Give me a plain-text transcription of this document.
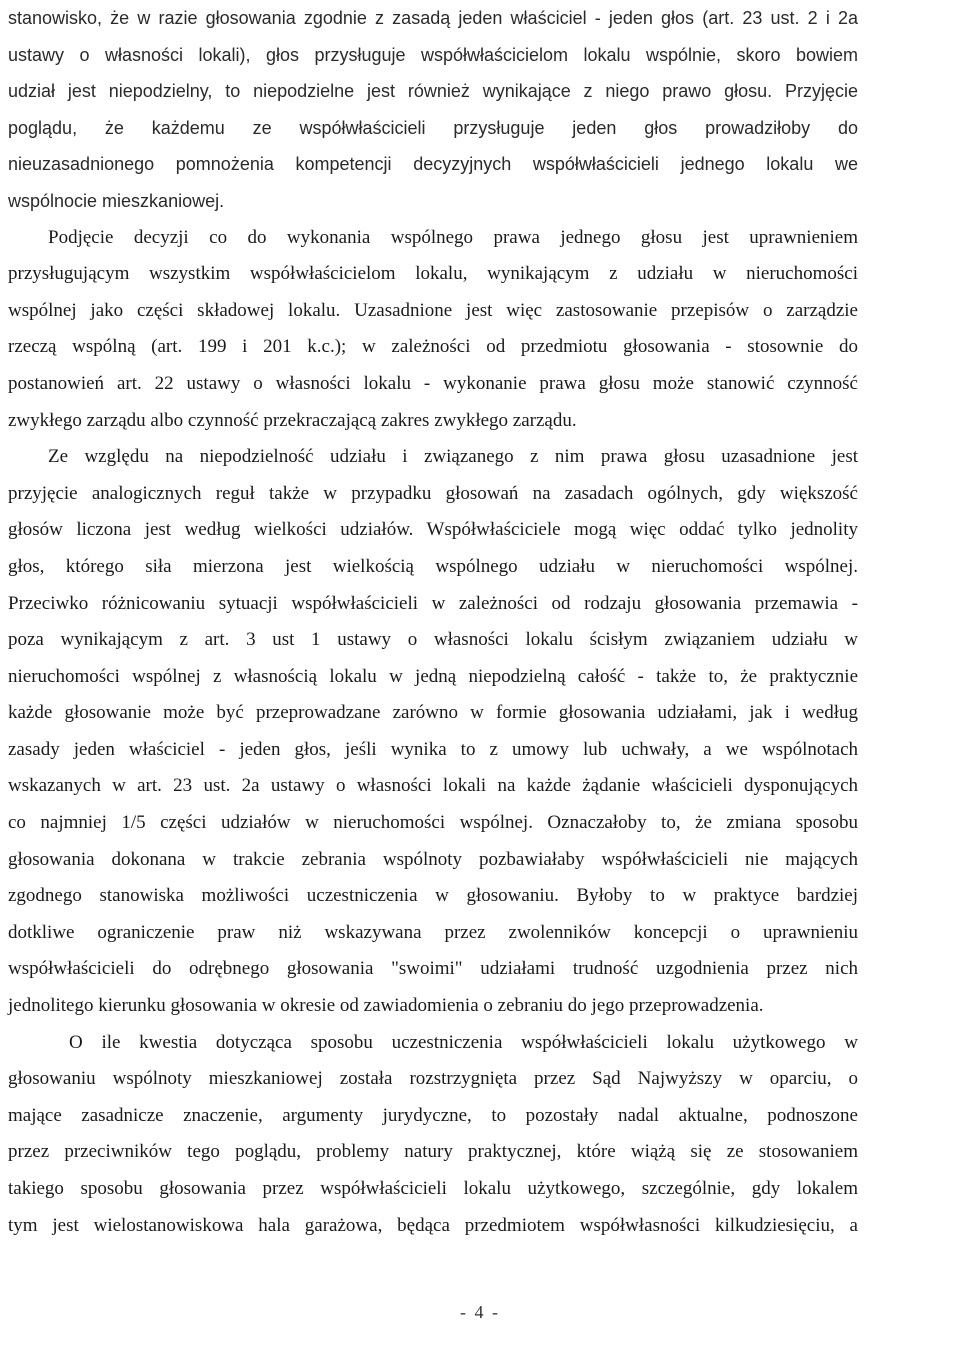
stanowisko, że w razie głosowania zgodnie z zasadą jeden właściciel - jeden głos (art. 23 ust. 2 i 2a
ustawy o własności lokali), głos przysługuje współwłaścicielom lokalu wspólnie, skoro bowiem
udział jest niepodzielny, to niepodzielne jest również wynikające z niego prawo głosu. Przyjęcie
poglądu, że każdemu ze współwłaścicieli przysługuje jeden głos prowadziłoby do
nieuzasadnionego pomnożenia kompetencji decyzyjnych współwłaścicieli jednego lokalu we
wspólnocie mieszkaniowej.
Podjęcie decyzji co do wykonania wspólnego prawa jednego głosu jest uprawnieniem
przysługującym wszystkim współwłaścicielom lokalu, wynikającym z udziału w nieruchomości
wspólnej jako części składowej lokalu. Uzasadnione jest więc zastosowanie przepisów o zarządzie
rzeczą wspólną (art. 199 i 201 k.c.); w zależności od przedmiotu głosowania - stosownie do
postanowień art. 22 ustawy o własności lokalu - wykonanie prawa głosu może stanowić czynność
zwykłego zarządu albo czynność przekraczającą zakres zwykłego zarządu.
Ze względu na niepodzielność udziału i związanego z nim prawa głosu uzasadnione jest
przyjęcie analogicznych reguł także w przypadku głosowań na zasadach ogólnych, gdy większość
głosów liczona jest według wielkości udziałów. Współwłaściciele mogą więc oddać tylko jednolity
głos, którego siła mierzona jest wielkością wspólnego udziału w nieruchomości wspólnej.
Przeciwko różnicowaniu sytuacji współwłaścicieli w zależności od rodzaju głosowania przemawia -
poza wynikającym z art. 3 ust 1 ustawy o własności lokalu ścisłym związaniem udziału w
nieruchomości wspólnej z własnością lokalu w jedną niepodzielną całość - także to, że praktycznie
każde głosowanie może być przeprowadzane zarówno w formie głosowania udziałami, jak i według
zasady jeden właściciel - jeden głos, jeśli wynika to z umowy lub uchwały, a we wspólnotach
wskazanych w art. 23 ust. 2a ustawy o własności lokali na każde żądanie właścicieli dysponujących
co najmniej 1/5 części udziałów w nieruchomości wspólnej. Oznaczałoby to, że zmiana sposobu
głosowania dokonana w trakcie zebrania wspólnoty pozbawiałaby współwłaścicieli nie mających
zgodnego stanowiska możliwości uczestniczenia w głosowaniu. Byłoby to w praktyce bardziej
dotkliwe ograniczenie praw niż wskazywana przez zwolenników koncepcji o uprawnieniu
współwłaścicieli do odrębnego głosowania "swoimi" udziałami trudność uzgodnienia przez nich
jednolitego kierunku głosowania w okresie od zawiadomienia o zebraniu do jego przeprowadzenia.
O ile kwestia dotycząca sposobu uczestniczenia współwłaścicieli lokalu użytkowego w
głosowaniu wspólnoty mieszkaniowej została rozstrzygnięta przez Sąd Najwyższy w oparciu, o
mające zasadnicze znaczenie, argumenty jurydyczne, to pozostały nadal aktualne, podnoszone
przez przeciwników tego poglądu, problemy natury praktycznej, które wiążą się ze stosowaniem
takiego sposobu głosowania przez współwłaścicieli lokalu użytkowego, szczególnie, gdy lokalem
tym jest wielostanowiskowa hala garażowa, będąca przedmiotem współwłasności kilkudziesięciu, a
- 4 -
